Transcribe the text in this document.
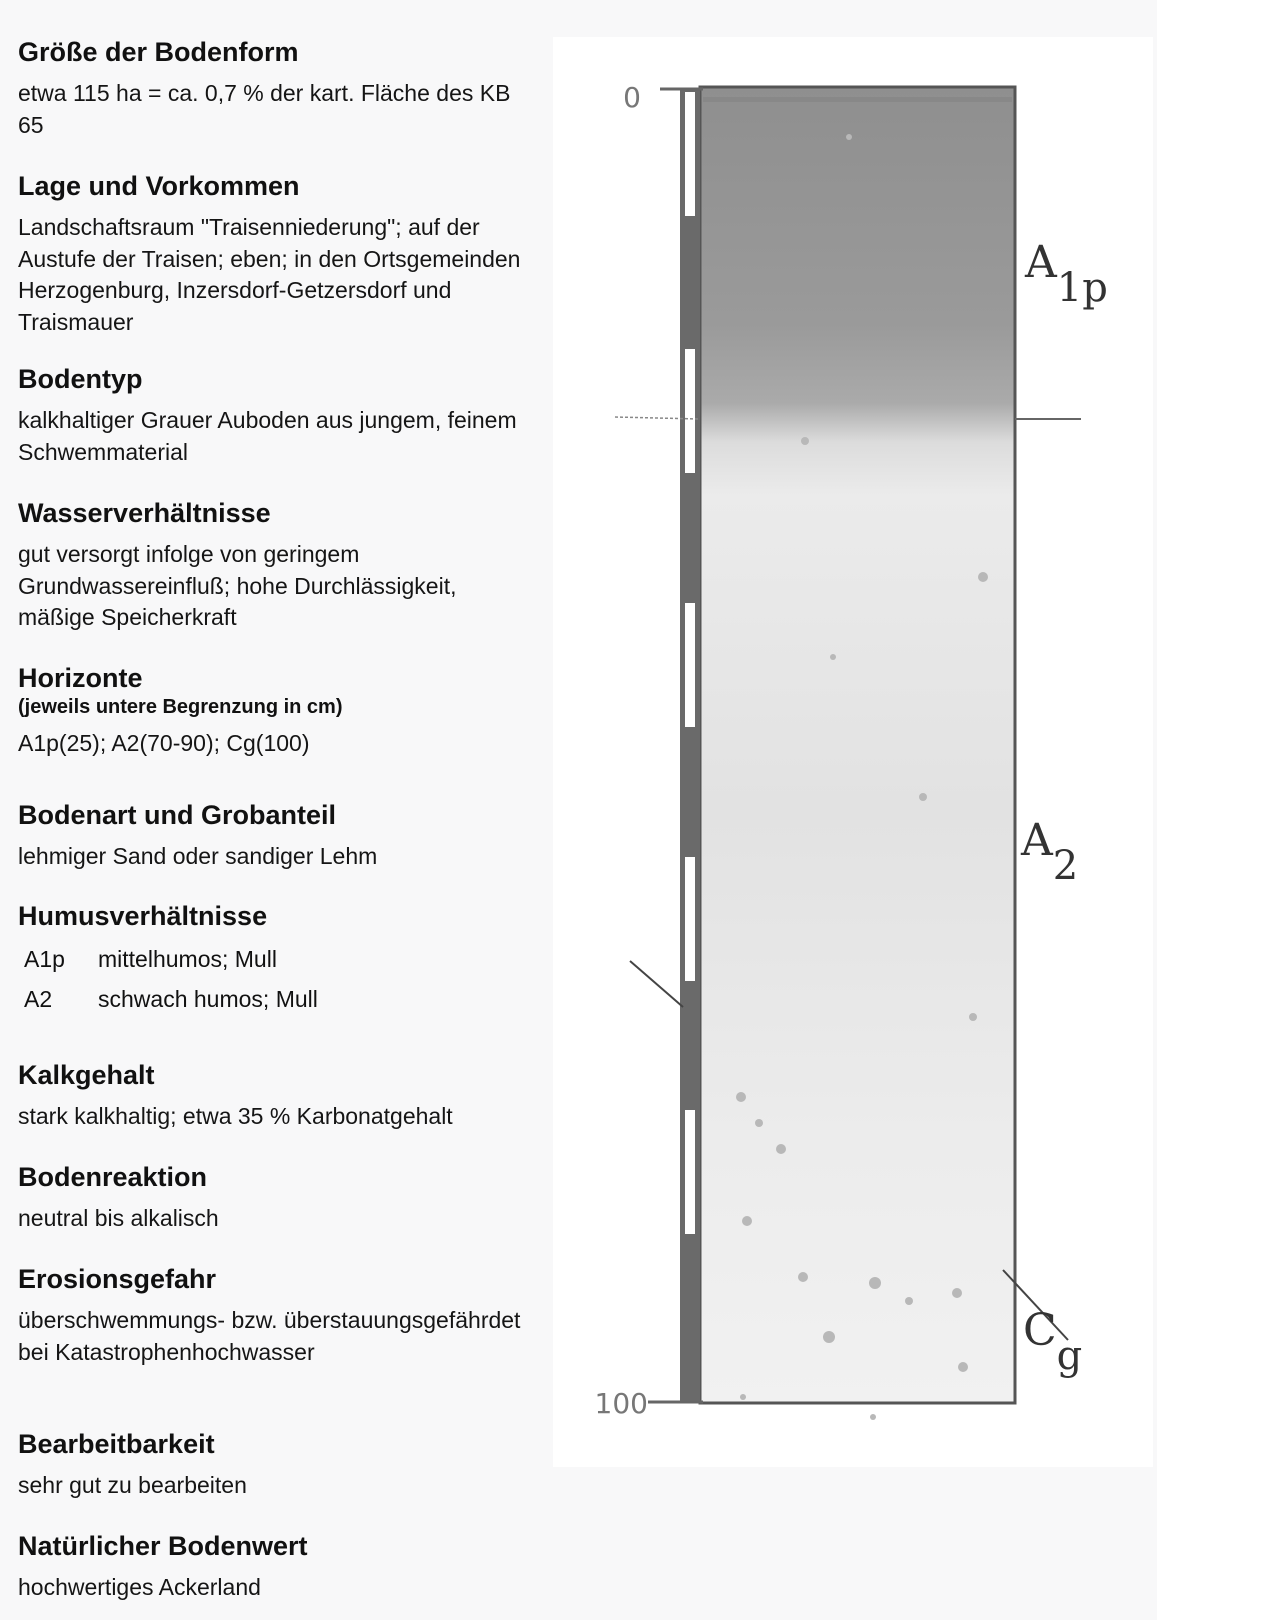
Größe der Bodenform

etwa 115 ha = ca. 0,7 % der kart. Fläche des KB 65

Lage und Vorkommen

Landschaftsraum "Traisenniederung"; auf der Austufe der Traisen; eben; in den Ortsgemeinden Herzogenburg, Inzersdorf-Getzersdorf und Traismauer

Bodentyp

kalkhaltiger Grauer Auboden aus jungem, feinem Schwemmaterial

Wasserverhältnisse

gut versorgt infolge von geringem Grundwassereinfluß; hohe Durchlässigkeit, mäßige Speicherkraft

Horizonte

(jeweils untere Begrenzung in cm)

A1p(25); A2(70-90); Cg(100)

Bodenart und Grobanteil

lehmiger Sand oder sandiger Lehm

Humusverhältnisse
A1p	mittelhumos; Mull
A2	schwach humos; Mull
Kalkgehalt

stark kalkhaltig; etwa 35 % Karbonatgehalt

Bodenreaktion

neutral bis alkalisch

Erosionsgefahr

überschwemmungs- bzw. überstauungsgefährdet bei Katastrophenhochwasser

Bearbeitbarkeit

sehr gut zu bearbeiten

Natürlicher Bodenwert

hochwertiges Ackerland

0
100
A1p
A2
Cg
